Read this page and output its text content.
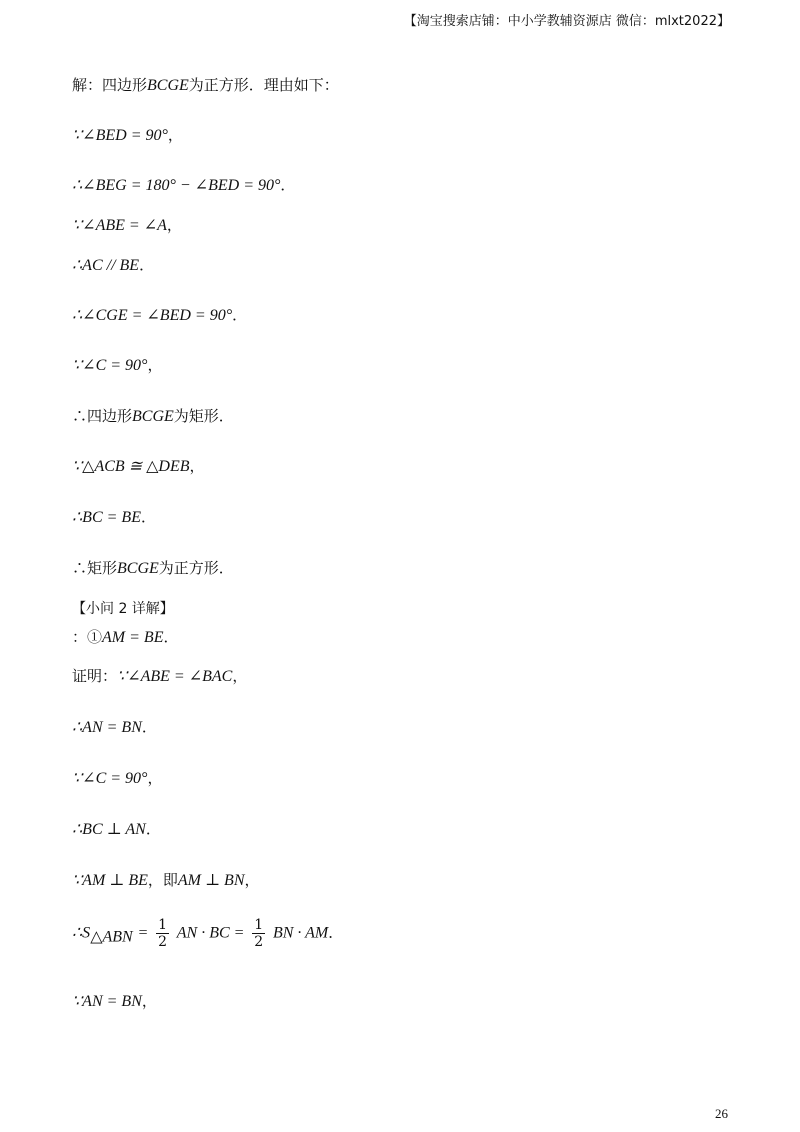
【淘宝搜索店铺：中小学教辅资源店 微信：mlxt2022】
解：四边形BCGE为正方形．理由如下：
∵∠BED = 90°，
∴∠BEG = 180° − ∠BED = 90°．
∵∠ABE = ∠A，
∴AC // BE．
∴∠CGE = ∠BED = 90°．
∵∠C = 90°，
∴四边形BCGE为矩形．
∵△ACB ≅ △DEB，
∴BC = BE．
∴矩形BCGE为正方形．
【小问 2 详解】
：①AM = BE．
证明：∵∠ABE = ∠BAC，
∴AN = BN．
∵∠C = 90°，
∴BC ⊥ AN．
∵AM ⊥ BE，即AM ⊥ BN，
$\therefore S_{\triangle ABN} = \frac{1}{2}$ AN · BC = $\frac{1}{2}$ BN · AM．
∵AN = BN，
26
